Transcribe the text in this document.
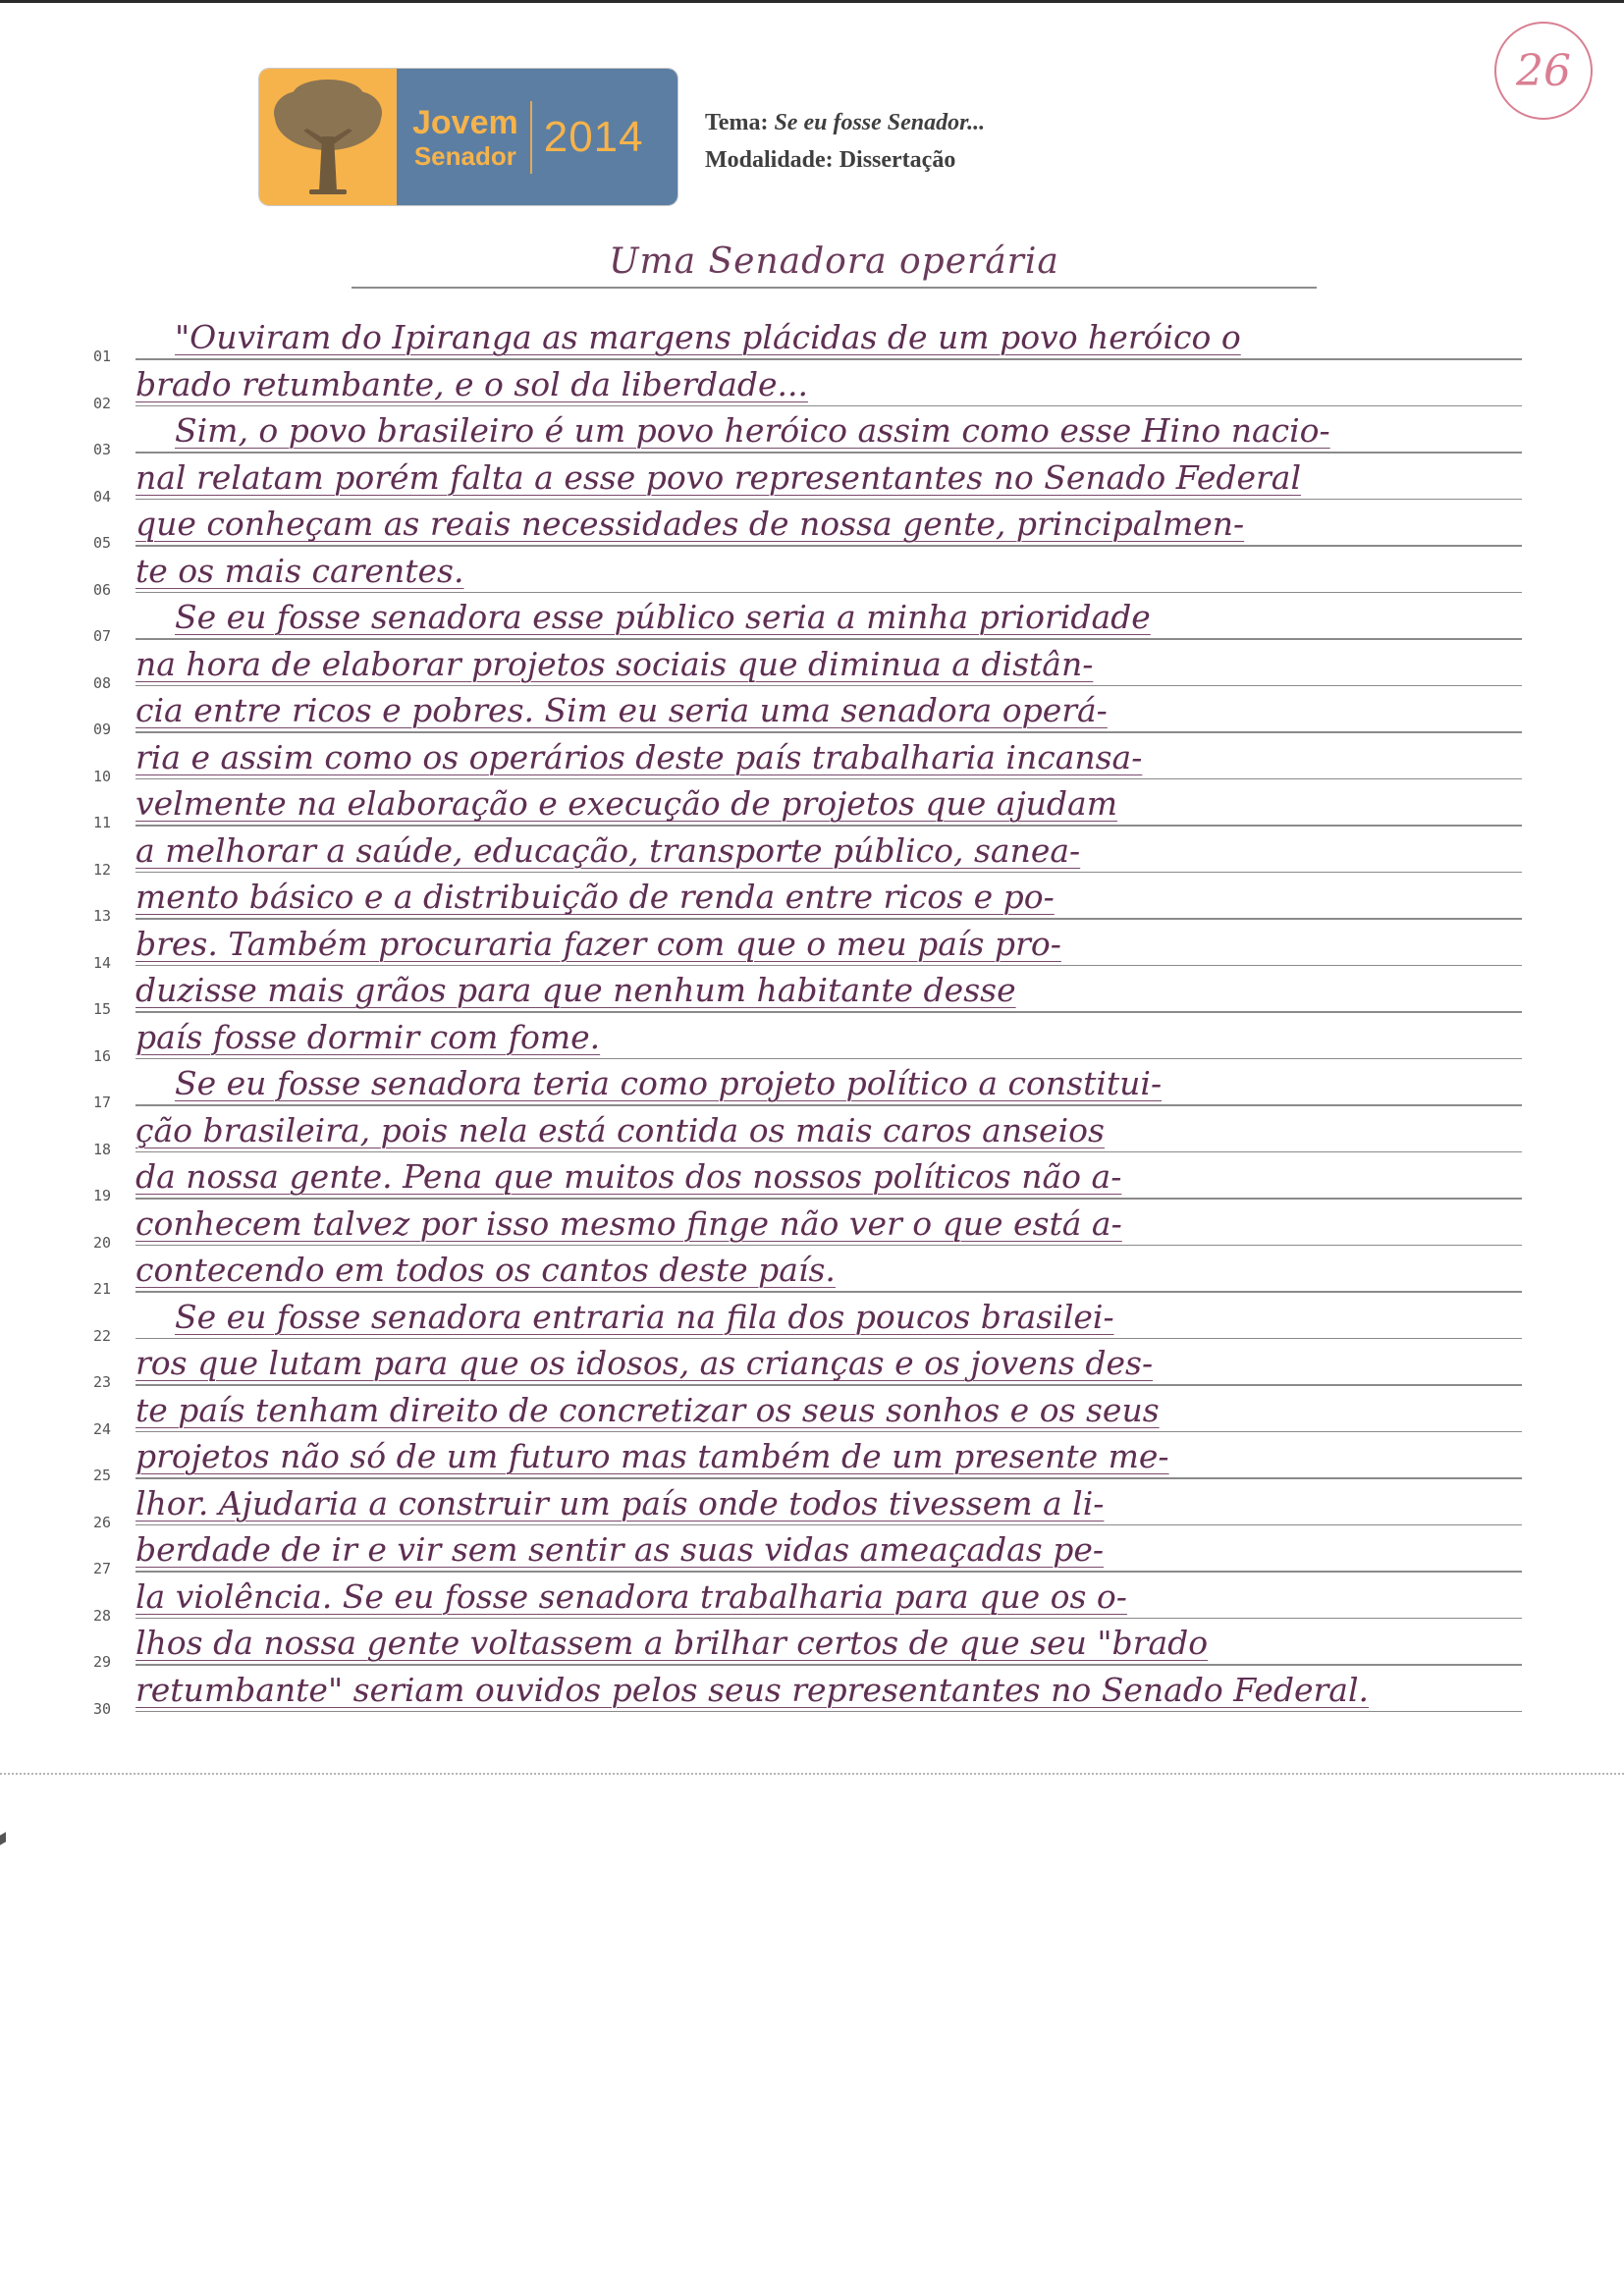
Jovem
Senador 2014	Tema: Se eu fosse Senador...
Modalidade: Dissertação
26
Uma Senadora operária
01	"Ouviram do Ipiranga as margens plácidas de um povo heróico o
02 brado retumbante, e o sol da liberdade...
03	Sim, o povo brasileiro é um povo heróico assim como esse Hino nacio-
04 nal relatam porém falta a esse povo representantes no Senado Federal
05 que conheçam as reais necessidades de nossa gente, principalmen-
06 te os mais carentes.
07	Se eu fosse senadora esse público seria a minha prioridade
08 na hora de elaborar projetos sociais que diminua a distân-
09 cia entre ricos e pobres. Sim eu seria uma senadora operá-
10 ria e assim como os operários deste país trabalharia incansa-
11 velmente na elaboração e execução de projetos que ajudam
12 a melhorar a saúde, educação, transporte público, sanea-
13 mento básico e a distribuição de renda entre ricos e po-
14 bres. Também procuraria fazer com que o meu país pro-
15 duzisse mais grãos para que nenhum habitante desse
16 país fosse dormir com fome.
17	Se eu fosse senadora teria como projeto político a constitui-
18 ção brasileira, pois nela está contida os mais caros anseios
19 da nossa gente. Pena que muitos dos nossos políticos não a-
20 conhecem talvez por isso mesmo finge não ver o que está a-
21 contecendo em todos os cantos deste país.
22	Se eu fosse senadora entraria na fila dos poucos brasilei-
23 ros que lutam para que os idosos, as crianças e os jovens des-
24 te país tenham direito de concretizar os seus sonhos e os seus
25 projetos não só de um futuro mas também de um presente me-
26 lhor. Ajudaria a construir um país onde todos tivessem a li-
27 berdade de ir e vir sem sentir as suas vidas ameaçadas pe-
28 la violência. Se eu fosse senadora trabalharia para que os o-
29 lhos da nossa gente voltassem a brilhar certos de que seu "brado
30 retumbante" seriam ouvidos pelos seus representantes no Senado Federal.
